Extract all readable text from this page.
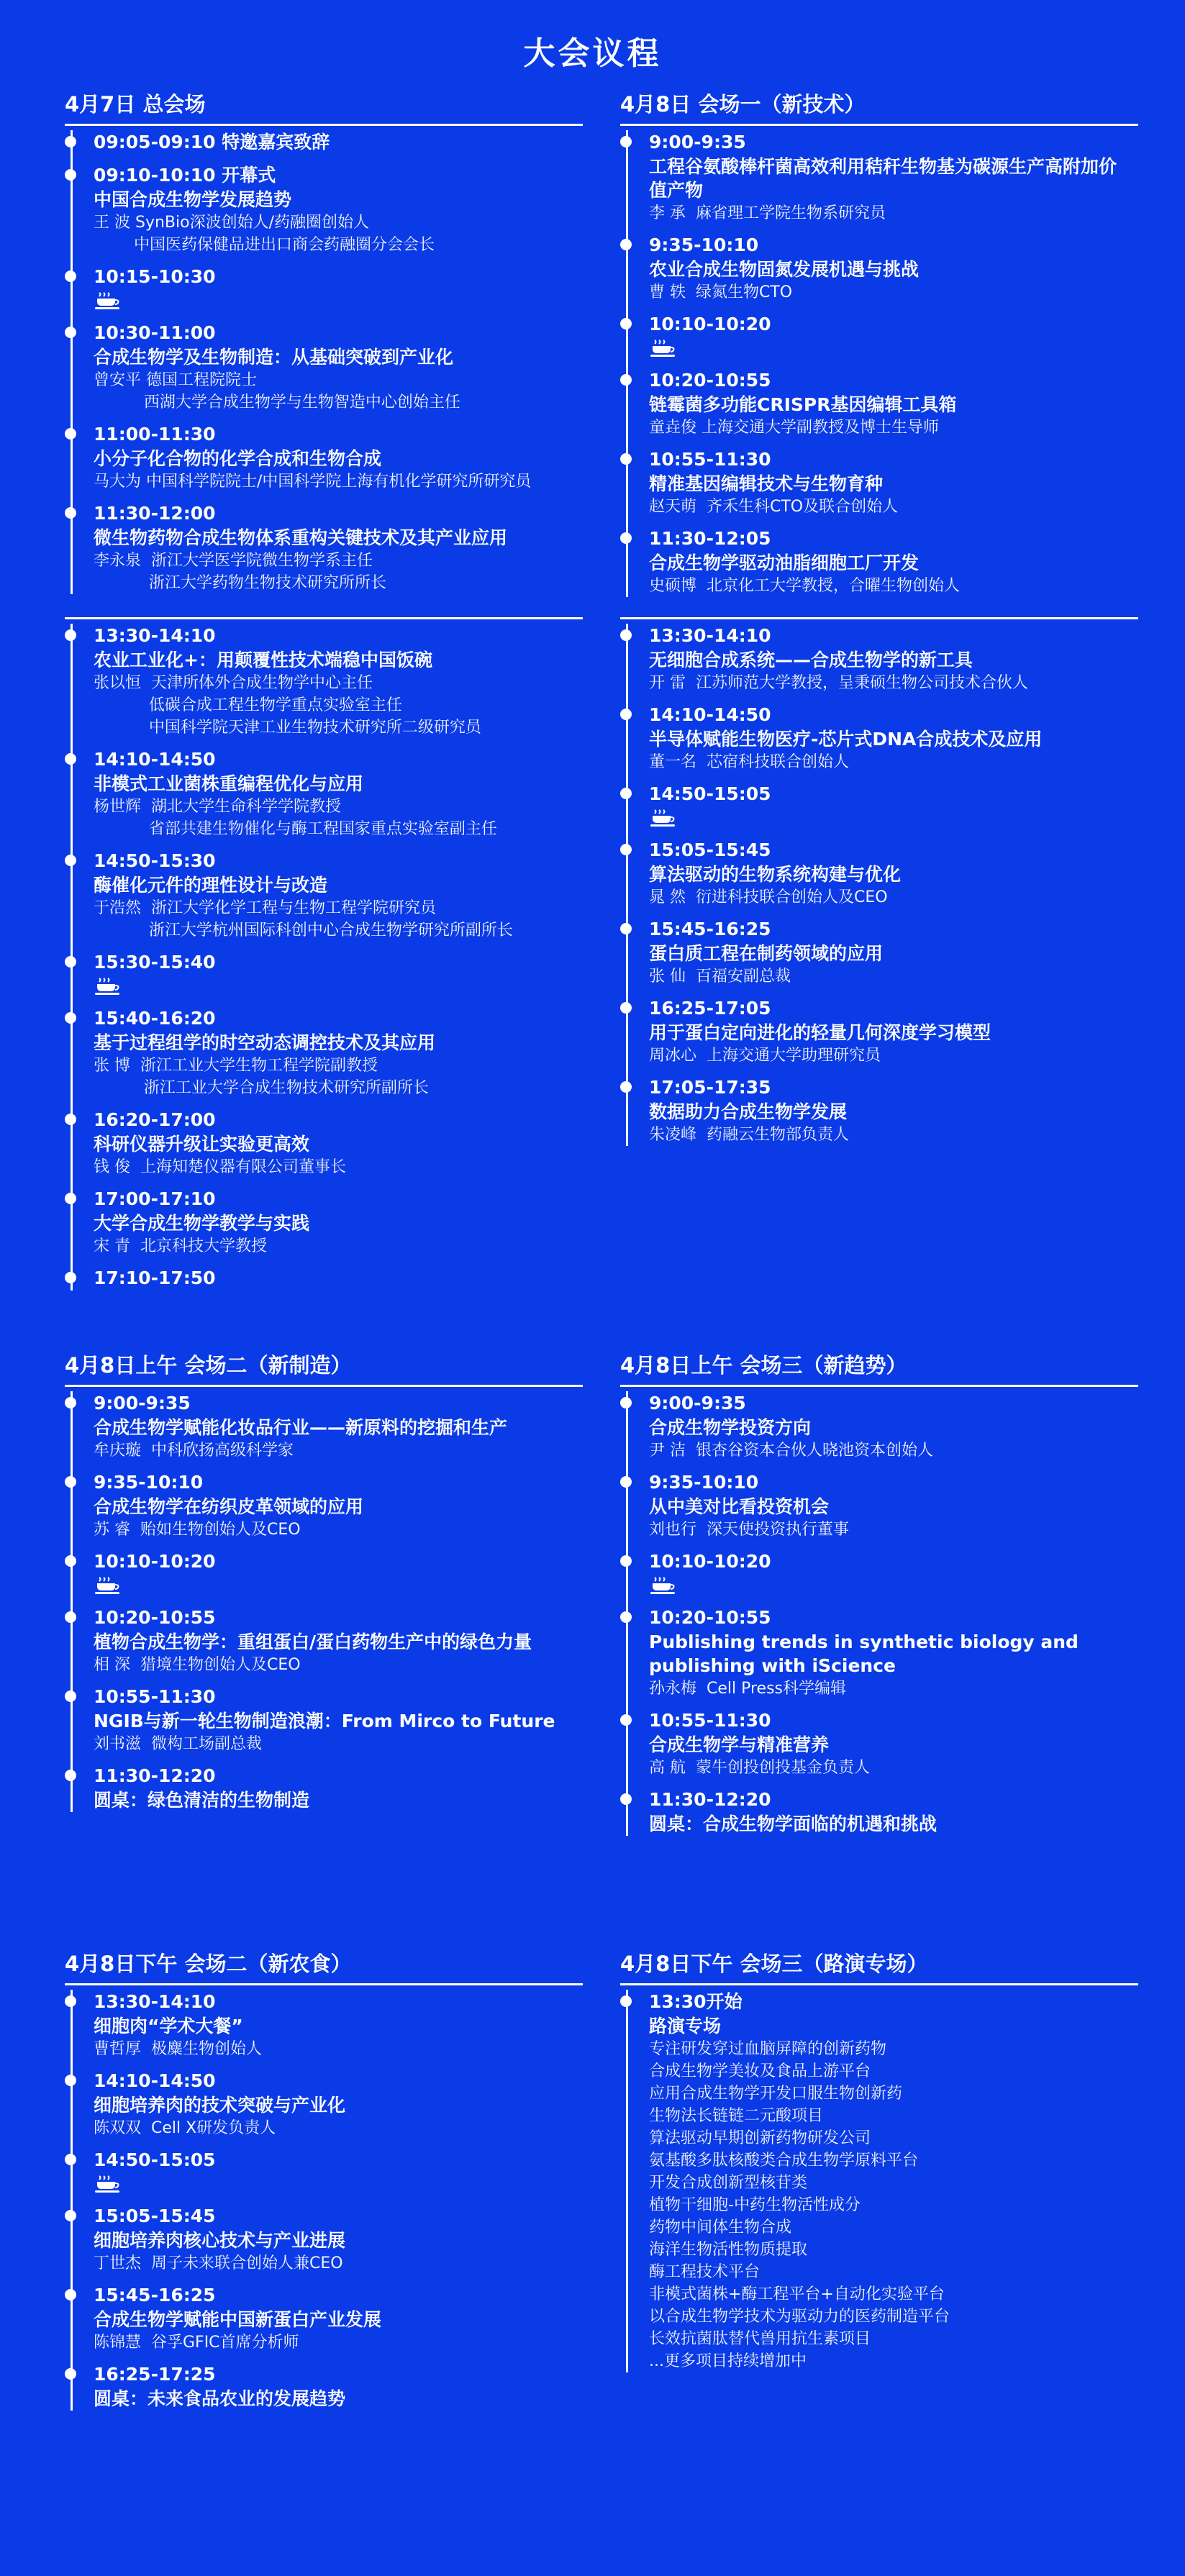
大会议程
4月7日 总会场
09:05-09:10 特邀嘉宾致辞
09:10-10:10 开幕式
中国合成生物学发展趋势
王 波 SynBio深波创始人/药融圈创始人
中国医药保健品进出口商会药融圈分会会长
10:15-10:30
10:30-11:00
合成生物学及生物制造：从基础突破到产业化
曾安平 德国工程院院士
西湖大学合成生物学与生物智造中心创始主任
11:00-11:30
小分子化合物的化学合成和生物合成
马大为 中国科学院院士/中国科学院上海有机化学研究所研究员
11:30-12:00
微生物药物合成生物体系重构关键技术及其产业应用
李永泉  浙江大学医学院微生物学系主任
浙江大学药物生物技术研究所所长
4月8日 会场一（新技术）
9:00-9:35
工程谷氨酸棒杆菌高效利用秸秆生物基为碳源生产高附加价值产物
李 承  麻省理工学院生物系研究员
9:35-10:10
农业合成生物固氮发展机遇与挑战
曹 轶  绿氮生物CTO
10:10-10:20
10:20-10:55
链霉菌多功能CRISPR基因编辑工具箱
童垚俊 上海交通大学副教授及博士生导师
10:55-11:30
精准基因编辑技术与生物育种
赵天萌  齐禾生科CTO及联合创始人
11:30-12:05
合成生物学驱动油脂细胞工厂开发
史硕博  北京化工大学教授，合曜生物创始人
13:30-14:10
农业工业化+：用颠覆性技术端稳中国饭碗
张以恒  天津所体外合成生物学中心主任
低碳合成工程生物学重点实验室主任
中国科学院天津工业生物技术研究所二级研究员
14:10-14:50
非模式工业菌株重编程优化与应用
杨世辉  湖北大学生命科学学院教授
省部共建生物催化与酶工程国家重点实验室副主任
14:50-15:30
酶催化元件的理性设计与改造
于浩然  浙江大学化学工程与生物工程学院研究员
浙江大学杭州国际科创中心合成生物学研究所副所长
15:30-15:40
15:40-16:20
基于过程组学的时空动态调控技术及其应用
张 博  浙江工业大学生物工程学院副教授
浙江工业大学合成生物技术研究所副所长
16:20-17:00
科研仪器升级让实验更高效
钱 俊  上海知楚仪器有限公司董事长
17:00-17:10
大学合成生物学教学与实践
宋 青  北京科技大学教授
17:10-17:50
13:30-14:10
无细胞合成系统——合成生物学的新工具
开 雷  江苏师范大学教授，呈秉硕生物公司技术合伙人
14:10-14:50
半导体赋能生物医疗-芯片式DNA合成技术及应用
董一名  芯宿科技联合创始人
14:50-15:05
15:05-15:45
算法驱动的生物系统构建与优化
晁 然  衍进科技联合创始人及CEO
15:45-16:25
蛋白质工程在制药领域的应用
张 仙  百福安副总裁
16:25-17:05
用于蛋白定向进化的轻量几何深度学习模型
周冰心  上海交通大学助理研究员
17:05-17:35
数据助力合成生物学发展
朱凌峰  药融云生物部负责人
4月8日上午 会场二（新制造）
9:00-9:35
合成生物学赋能化妆品行业——新原料的挖掘和生产
牟庆璇  中科欣扬高级科学家
9:35-10:10
合成生物学在纺织皮革领域的应用
苏 睿  贻如生物创始人及CEO
10:10-10:20
10:20-10:55
植物合成生物学：重组蛋白/蛋白药物生产中的绿色力量
相 深  猎境生物创始人及CEO
10:55-11:30
NGIB与新一轮生物制造浪潮：From Mirco to Future
刘书滋  微构工场副总裁
11:30-12:20
圆桌：绿色清洁的生物制造
4月8日上午 会场三（新趋势）
9:00-9:35
合成生物学投资方向
尹 洁  银杏谷资本合伙人晓池资本创始人
9:35-10:10
从中美对比看投资机会
刘也行  深天使投资执行董事
10:10-10:20
10:20-10:55
Publishing trends in synthetic biology and publishing with iScience
孙永梅  Cell Press科学编辑
10:55-11:30
合成生物学与精准营养
高 航  蒙牛创投创投基金负责人
11:30-12:20
圆桌：合成生物学面临的机遇和挑战
4月8日下午 会场二（新农食）
13:30-14:10
细胞肉“学术大餐”
曹哲厚  极麋生物创始人
14:10-14:50
细胞培养肉的技术突破与产业化
陈双双  Cell X研发负责人
14:50-15:05
15:05-15:45
细胞培养肉核心技术与产业进展
丁世杰  周子未来联合创始人兼CEO
15:45-16:25
合成生物学赋能中国新蛋白产业发展
陈锦慧  谷孚GFIC首席分析师
16:25-17:25
圆桌：未来食品农业的发展趋势
4月8日下午 会场三（路演专场）
13:30开始
路演专场
专注研发穿过血脑屏障的创新药物
合成生物学美妆及食品上游平台
应用合成生物学开发口服生物创新药
生物法长链链二元酸项目
算法驱动早期创新药物研发公司
氨基酸多肽核酸类合成生物学原料平台
开发合成创新型核苷类
植物干细胞-中药生物活性成分
药物中间体生物合成
海洋生物活性物质提取
酶工程技术平台
非模式菌株+酶工程平台+自动化实验平台
以合成生物学技术为驱动力的医药制造平台
长效抗菌肽替代兽用抗生素项目
...更多项目持续增加中
